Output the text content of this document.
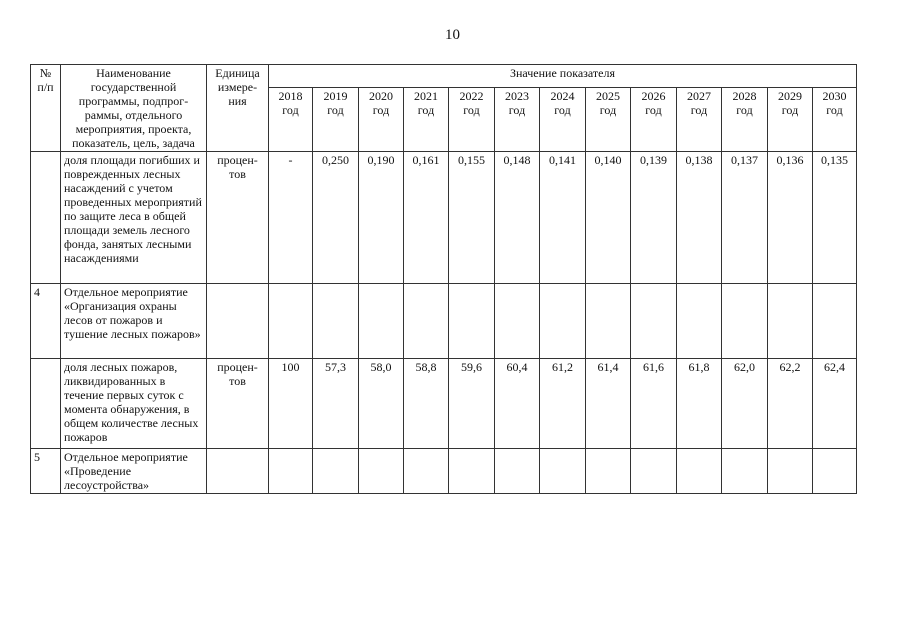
10
№ п/п	Наименование государственной программы, подпрог-раммы, отдельного мероприятия, проекта, показатель, цель, задача	Единица измере-ния	Значение показателя												
			2018 год	2019 год	2020 год	2021 год	2022 год	2023 год	2024 год	2025 год	2026 год	2027 год	2028 год	2029 год	2030 год
	доля площади погибших и поврежденных лесных насаждений с учетом проведенных мероприятий по защите леса в общей площади земель лесного фонда, занятых лесными насаждениями	процен-тов	-	0,250	0,190	0,161	0,155	0,148	0,141	0,140	0,139	0,138	0,137	0,136	0,135
4	Отдельное мероприятие «Организация охраны лесов от пожаров и тушение лесных пожаров»														
	доля лесных пожаров, ликвидированных в течение первых суток с момента обнаружения, в общем количестве лесных пожаров	процен-тов	100	57,3	58,0	58,8	59,6	60,4	61,2	61,4	61,6	61,8	62,0	62,2	62,4
5	Отдельное мероприятие «Проведение лесоустройства»														
